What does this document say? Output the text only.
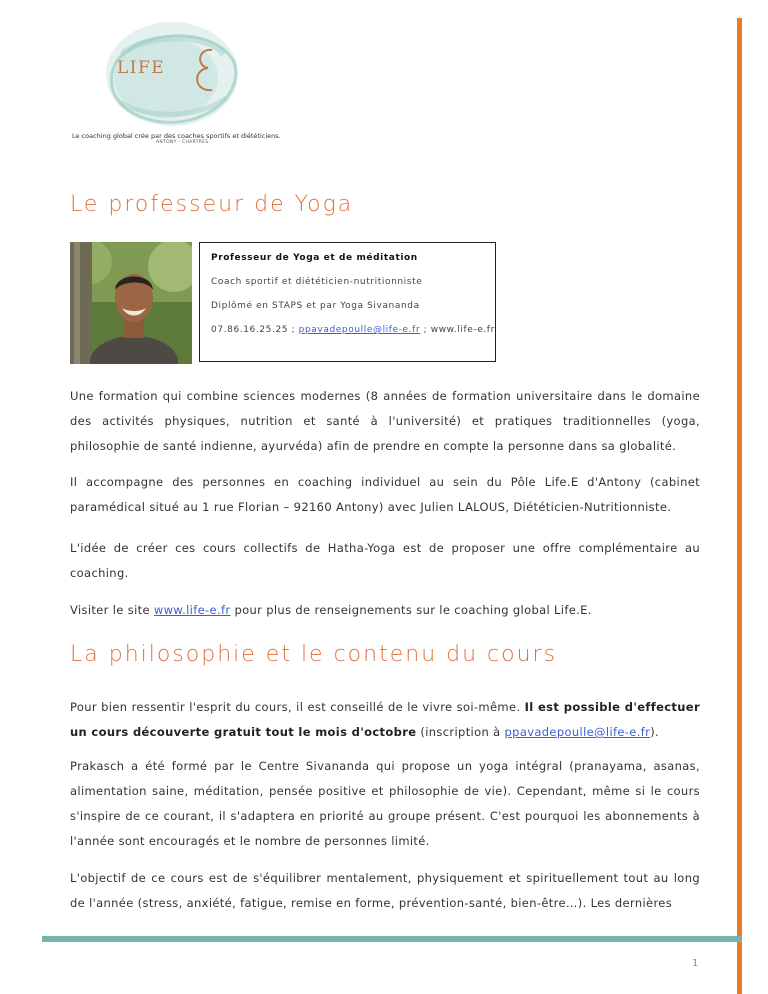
LIFE
Le coaching global crée par des coaches sportifs et diététiciens.
ANTONY - CHARTRES
Le professeur de Yoga
Professeur de Yoga et de méditation
Coach sportif et diététicien-nutritionniste
Diplômé en STAPS et par Yoga Sivananda
07.86.16.25.25 ; ppavadepoulle@life-e.fr ; www.life-e.fr
Une formation qui combine sciences modernes (8 années de formation universitaire dans le domaine des activités physiques, nutrition et santé à l'université) et pratiques traditionnelles (yoga, philosophie de santé indienne, ayurvéda) afin de prendre en compte la personne dans sa globalité.
Il accompagne des personnes en coaching individuel au sein du Pôle Life.E d'Antony (cabinet paramédical situé au 1 rue Florian – 92160 Antony) avec Julien LALOUS, Diététicien-Nutritionniste.
L'idée de créer ces cours collectifs de Hatha-Yoga est de proposer une offre complémentaire au coaching.
Visiter le site www.life-e.fr pour plus de renseignements sur le coaching global Life.E.
La philosophie et le contenu du cours
Pour bien ressentir l'esprit du cours, il est conseillé de le vivre soi-même. Il est possible d'effectuer un cours découverte gratuit tout le mois d'octobre (inscription à ppavadepoulle@life-e.fr).
Prakasch a été formé par le Centre Sivananda qui propose un yoga intégral (pranayama, asanas, alimentation saine, méditation, pensée positive et philosophie de vie). Cependant, même si le cours s'inspire de ce courant, il s'adaptera en priorité au groupe présent. C'est pourquoi les abonnements à l'année sont encouragés et le nombre de personnes limité.
L'objectif de ce cours est de s'équilibrer mentalement, physiquement et spirituellement tout au long de l'année (stress, anxiété, fatigue, remise en forme, prévention-santé, bien-être…). Les dernières
1
